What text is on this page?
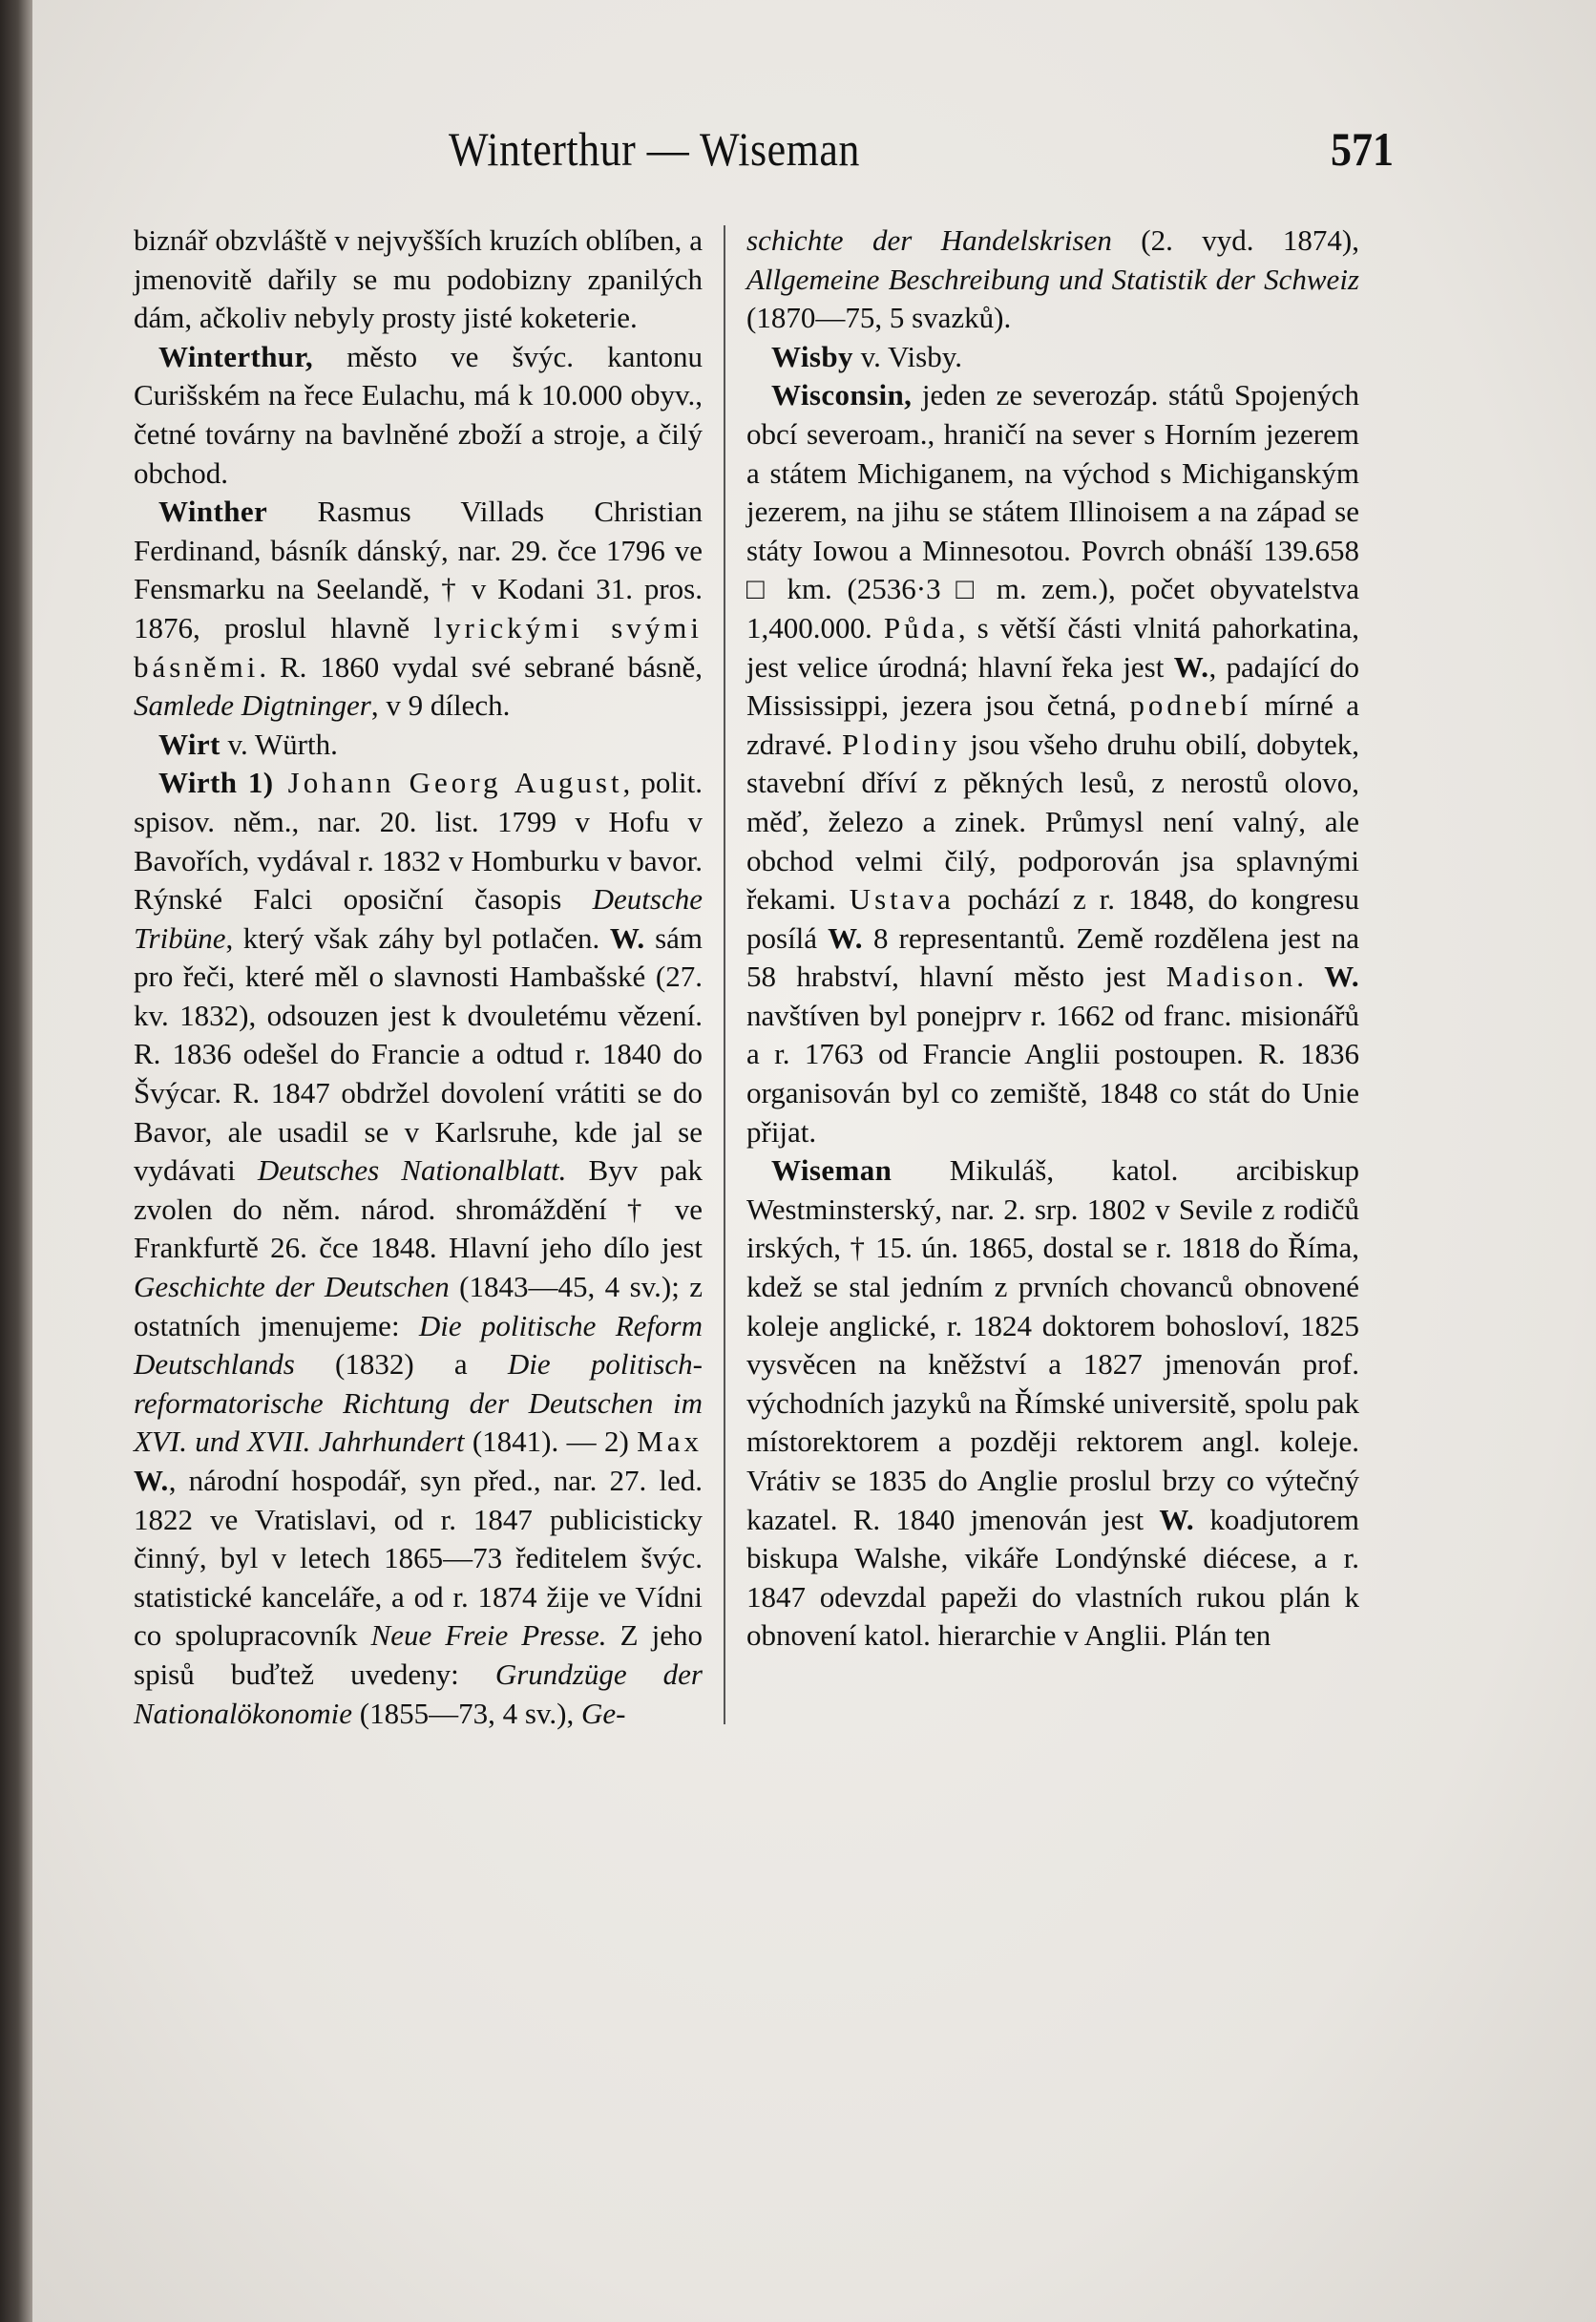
Winterthur — Wiseman	571

biznář obzvláště v nejvyšších kruzích oblíben, a jmenovitě dařily se mu podobizny zpanilých dám, ačkoliv nebyly prosty jisté koketerie.

Winterthur, město ve švýc. kantonu Curišském na řece Eulachu, má k 10.000 obyv., četné továrny na bavlněné zboží a stroje, a čilý obchod.

Winther Rasmus Villads Christian Ferdinand, básník dánský, nar. 29. čce 1796 ve Fensmarku na Seelandě, † v Kodani 31. pros. 1876, proslul hlavně lyrickými svými básněmi. R. 1860 vydal své sebrané básně, Samlede Digtninger, v 9 dílech.

Wirt v. Würth.

Wirth 1) Johann Georg August, polit. spisov. něm., nar. 20. list. 1799 v Hofu v Bavořích, vydával r. 1832 v Homburku v bavor. Rýnské Falci oposiční časopis Deutsche Tribüne, který však záhy byl potlačen. W. sám pro řeči, které měl o slavnosti Hambašské (27. kv. 1832), odsouzen jest k dvouletému vězení. R. 1836 odešel do Francie a odtud r. 1840 do Švýcar. R. 1847 obdržel dovolení vrátiti se do Bavor, ale usadil se v Karlsruhe, kde jal se vydávati Deutsches Nationalblatt. Byv pak zvolen do něm. národ. shromáždění † ve Frankfurtě 26. čce 1848. Hlavní jeho dílo jest Geschichte der Deutschen (1843—45, 4 sv.); z ostatních jmenujeme: Die politische Reform Deutschlands (1832) a Die politisch-reformatorische Richtung der Deutschen im XVI. und XVII. Jahrhundert (1841). — 2) Max W., národní hospodář, syn před., nar. 27. led. 1822 ve Vratislavi, od r. 1847 publicisticky činný, byl v letech 1865—73 ředitelem švýc. statistické kanceláře, a od r. 1874 žije ve Vídni co spolupracovník Neue Freie Presse. Z jeho spisů buďtež uvedeny: Grundzüge der Nationalökonomie (1855—73, 4 sv.), Ge-

schichte der Handelskrisen (2. vyd. 1874), Allgemeine Beschreibung und Statistik der Schweiz (1870—75, 5 svazků).

Wisby v. Visby.

Wisconsin, jeden ze severozáp. států Spojených obcí severoam., hraničí na sever s Horním jezerem a státem Michiganem, na východ s Michiganským jezerem, na jihu se státem Illinoisem a na západ se státy Iowou a Minnesotou. Povrch obnáší 139.658 □ km. (2536·3 □ m. zem.), počet obyvatelstva 1,400.000. Půda, s větší části vlnitá pahorkatina, jest velice úrodná; hlavní řeka jest W., padající do Mississippi, jezera jsou četná, podnebí mírné a zdravé. Plodiny jsou všeho druhu obilí, dobytek, stavební dříví z pěkných lesů, z nerostů olovo, měď, železo a zinek. Průmysl není valný, ale obchod velmi čilý, podporován jsa splavnými řekami. Ustava pochází z r. 1848, do kongresu posílá W. 8 representantů. Země rozdělena jest na 58 hrabství, hlavní město jest Madison. W. navštíven byl ponejprv r. 1662 od franc. misionářů a r. 1763 od Francie Anglii postoupen. R. 1836 organisován byl co zemiště, 1848 co stát do Unie přijat.

Wiseman Mikuláš, katol. arcibiskup Westminsterský, nar. 2. srp. 1802 v Sevile z rodičů irských, † 15. ún. 1865, dostal se r. 1818 do Říma, kdež se stal jedním z prvních chovanců obnovené koleje anglické, r. 1824 doktorem bohosloví, 1825 vysvěcen na kněžství a 1827 jmenován prof. východních jazyků na Římské universitě, spolu pak místorektorem a později rektorem angl. koleje. Vrátiv se 1835 do Anglie proslul brzy co výtečný kazatel. R. 1840 jmenován jest W. koadjutorem biskupa Walshe, vikáře Londýnské diécese, a r. 1847 odevzdal papeži do vlastních rukou plán k obnovení katol. hierarchie v Anglii. Plán ten
